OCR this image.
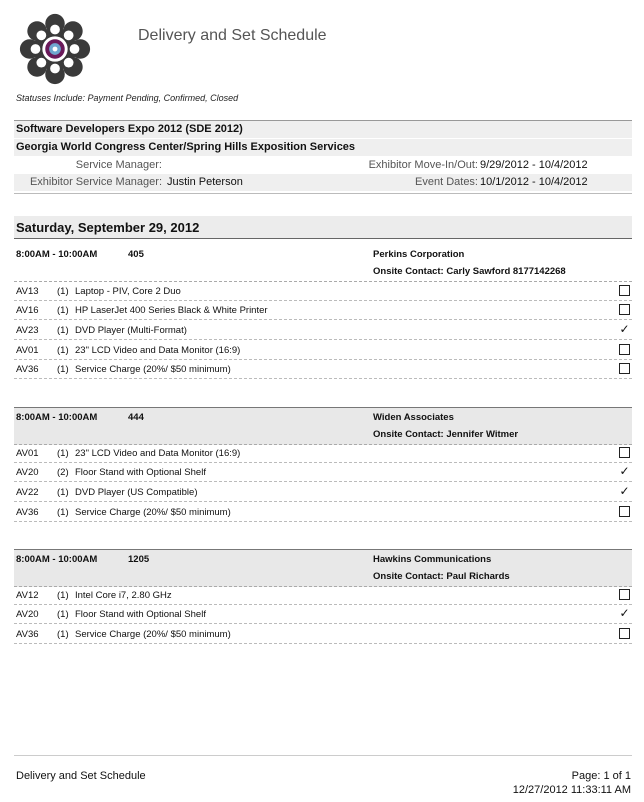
Delivery and Set Schedule
Statuses Include: Payment Pending, Confirmed, Closed
Software Developers Expo 2012 (SDE 2012)
Georgia World Congress Center/Spring Hills Exposition Services
Service Manager:	Exhibitor Move-In/Out: 9/29/2012 - 10/4/2012
Exhibitor Service Manager: Justin Peterson	Event Dates: 10/1/2012 - 10/4/2012
Saturday, September 29, 2012
8:00AM - 10:00AM	405	Perkins Corporation
Onsite Contact: Carly Sawford 8177142268
AV13 (1) Laptop - PIV, Core 2 Duo
AV16 (1) HP LaserJet 400 Series Black & White Printer
AV23 (1) DVD Player (Multi-Format)	✓
AV01 (1) 23" LCD Video and Data Monitor (16:9)
AV36 (1) Service Charge (20%/ $50 minimum)
8:00AM - 10:00AM	444	Widen Associates
Onsite Contact: Jennifer Witmer
AV01 (1) 23" LCD Video and Data Monitor (16:9)
AV20 (2) Floor Stand with Optional Shelf	✓
AV22 (1) DVD Player (US Compatible)	✓
AV36 (1) Service Charge (20%/ $50 minimum)
8:00AM - 10:00AM	1205	Hawkins Communications
Onsite Contact: Paul Richards
AV12 (1) Intel Core i7, 2.80 GHz
AV20 (1) Floor Stand with Optional Shelf	✓
AV36 (1) Service Charge (20%/ $50 minimum)
Delivery and Set Schedule	Page: 1 of 1
12/27/2012 11:33:11 AM
